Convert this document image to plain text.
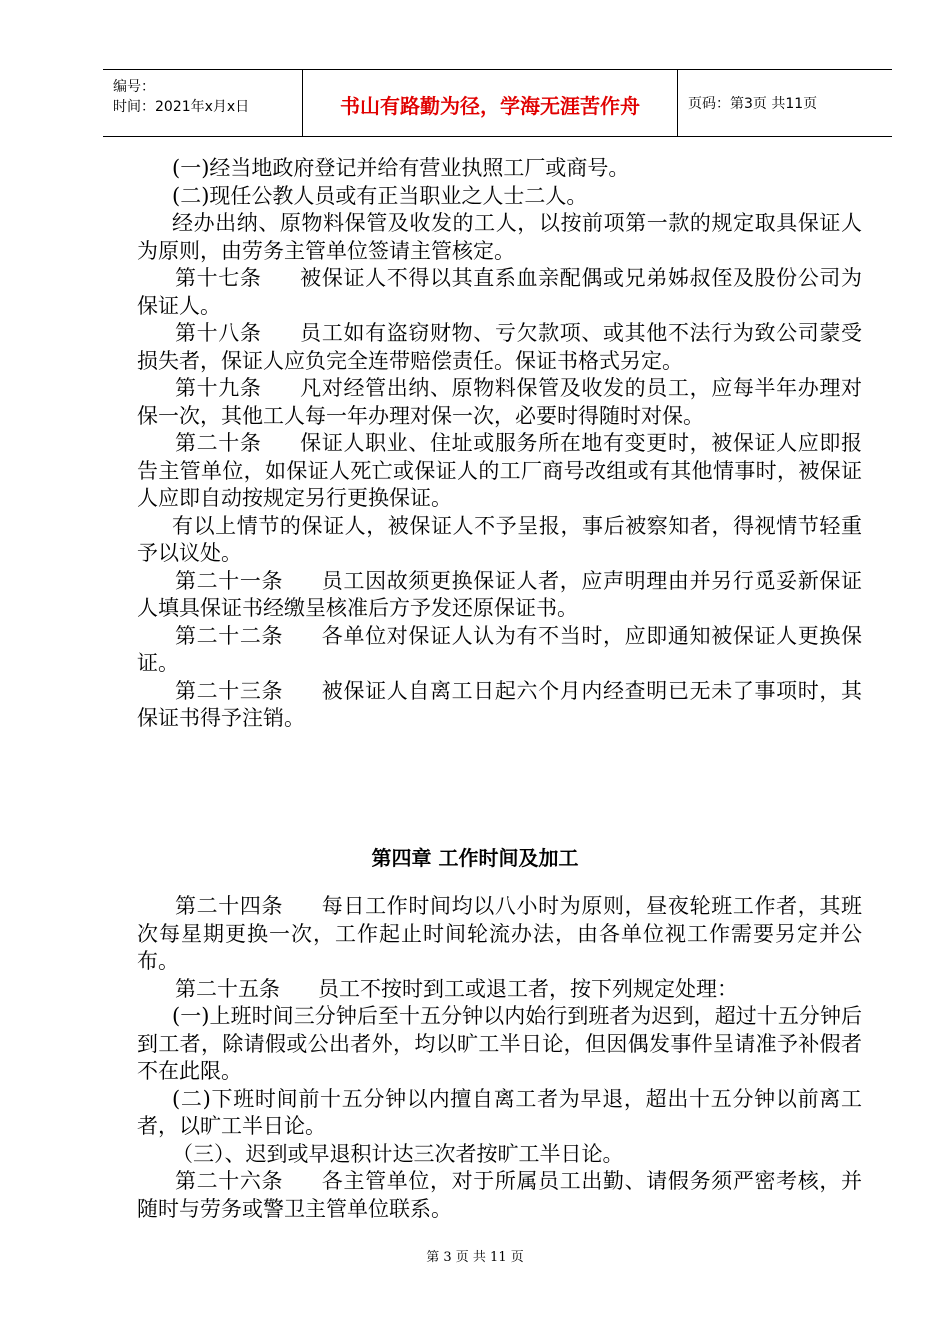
编号：
时间：2021年x月x日	书山有路勤为径，学海无涯苦作舟	页码：第3页 共11页

(一)经当地政府登记并给有营业执照工厂或商号。

(二)现任公教人员或有正当职业之人士二人。

经办出纳、原物料保管及收发的工人，以按前项第一款的规定取具保证人为原则，由劳务主管单位签请主管核定。

第十七条 被保证人不得以其直系血亲配偶或兄弟姊叔侄及股份公司为保证人。

第十八条 员工如有盗窃财物、亏欠款项、或其他不法行为致公司蒙受损失者，保证人应负完全连带赔偿责任。保证书格式另定。

第十九条 凡对经管出纳、原物料保管及收发的员工，应每半年办理对保一次，其他工人每一年办理对保一次，必要时得随时对保。

第二十条 保证人职业、住址或服务所在地有变更时，被保证人应即报告主管单位，如保证人死亡或保证人的工厂商号改组或有其他情事时，被保证人应即自动按规定另行更换保证。

有以上情节的保证人，被保证人不予呈报，事后被察知者，得视情节轻重予以议处。

第二十一条 员工因故须更换保证人者，应声明理由并另行觅妥新保证人填具保证书经缴呈核准后方予发还原保证书。

第二十二条 各单位对保证人认为有不当时，应即通知被保证人更换保证。

第二十三条 被保证人自离工日起六个月内经查明已无未了事项时，其保证书得予注销。

第四章 工作时间及加工

第二十四条 每日工作时间均以八小时为原则，昼夜轮班工作者，其班次每星期更换一次，工作起止时间轮流办法，由各单位视工作需要另定并公布。

第二十五条 员工不按时到工或退工者，按下列规定处理：

(一)上班时间三分钟后至十五分钟以内始行到班者为迟到，超过十五分钟后到工者，除请假或公出者外，均以旷工半日论，但因偶发事件呈请准予补假者不在此限。

(二)下班时间前十五分钟以内擅自离工者为早退，超出十五分钟以前离工者，以旷工半日论。

（三）、迟到或早退积计达三次者按旷工半日论。

第二十六条 各主管单位，对于所属员工出勤、请假务须严密考核，并随时与劳务或警卫主管单位联系。

第 3 页 共 11 页
